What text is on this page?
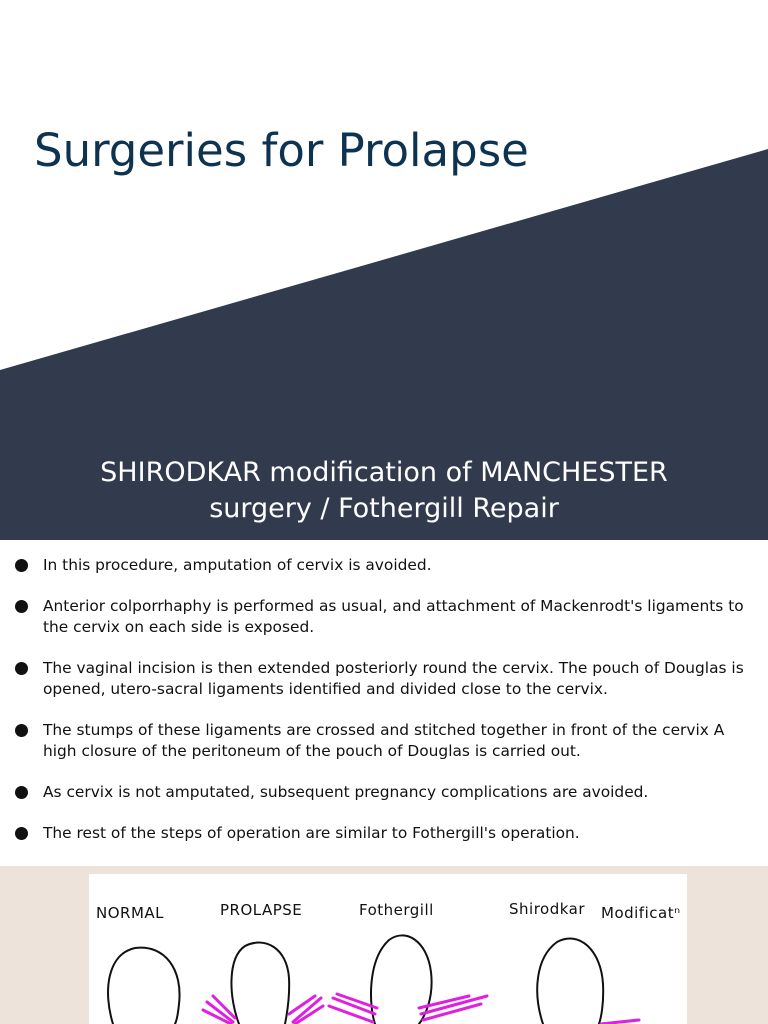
Surgeries for Prolapse
SHIRODKAR modification of MANCHESTER
surgery / Fothergill Repair
In this procedure, amputation of cervix is avoided.
Anterior colporrhaphy is performed as usual, and attachment of Mackenrodt's ligaments to the cervix on each side is exposed.
The vaginal incision is then extended posteriorly round the cervix. The pouch of Douglas is opened, utero-sacral ligaments identified and divided close to the cervix.
The stumps of these ligaments are crossed and stitched together in front of the cervix A high closure of the peritoneum of the pouch of Douglas is carried out.
As cervix is not amputated, subsequent pregnancy complications are avoided.
The rest of the steps of operation are similar to Fothergill's operation.
NORMAL	PROLAPSE	Fothergill	Shirodkar Modificatⁿ
